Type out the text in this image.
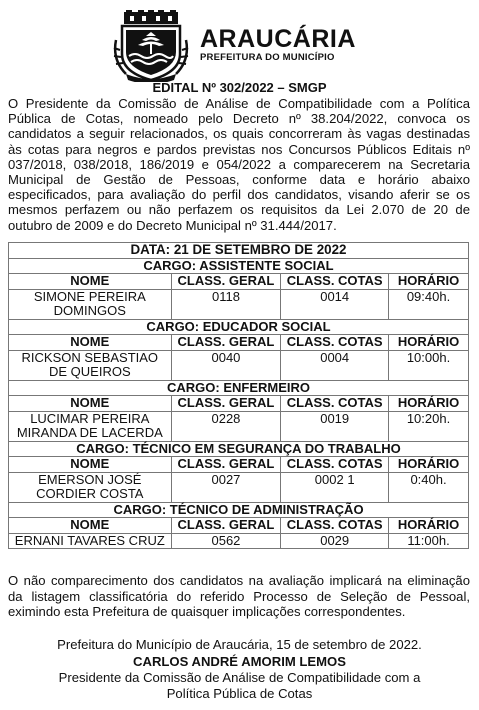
ARAUCÁRIA
PREFEITURA DO MUNICÍPIO
EDITAL Nº 302/2022 – SMGP
O Presidente da Comissão de Análise de Compatibilidade com a Política Pública de Cotas, nomeado pelo Decreto nº 38.204/2022, convoca os candidatos a seguir relacionados, os quais concorreram às vagas destinadas às cotas para negros e pardos previstas nos Concursos Públicos Editais nº 037/2018, 038/2018, 186/2019 e 054/2022 a comparecerem na Secretaria Municipal de Gestão de Pessoas, conforme data e horário abaixo especificados, para avaliação do perfil dos candidatos, visando aferir se os mesmos perfazem ou não perfazem os requisitos da Lei 2.070 de 20 de outubro de 2009 e do Decreto Municipal nº 31.444/2017.
DATA: 21 DE SETEMBRO DE 2022			
CARGO: ASSISTENTE SOCIAL			
NOME	CLASS. GERAL	CLASS. COTAS	HORÁRIO
SIMONE PEREIRA DOMINGOS	0118	0014	09:40h.
CARGO: EDUCADOR SOCIAL			
NOME	CLASS. GERAL	CLASS. COTAS	HORÁRIO
RICKSON SEBASTIAO DE QUEIROS	0040	0004	10:00h.
CARGO: ENFERMEIRO			
NOME	CLASS. GERAL	CLASS. COTAS	HORÁRIO
LUCIMAR PEREIRA MIRANDA DE LACERDA	0228	0019	10:20h.
CARGO: TÉCNICO EM SEGURANÇA DO TRABALHO			
NOME	CLASS. GERAL	CLASS. COTAS	HORÁRIO
EMERSON JOSÉ CORDIER COSTA	0027	0002 1	0:40h.
CARGO: TÉCNICO DE ADMINISTRAÇÃO			
NOME	CLASS. GERAL	CLASS. COTAS	HORÁRIO
ERNANI TAVARES CRUZ	0562	0029	11:00h.
O não comparecimento dos candidatos na avaliação implicará na eliminação da listagem classificatória do referido Processo de Seleção de Pessoal, eximindo esta Prefeitura de quaisquer implicações correspondentes.
Prefeitura do Município de Araucária, 15 de setembro de 2022.
CARLOS ANDRÉ AMORIM LEMOS
Presidente da Comissão de Análise de Compatibilidade com a Política Pública de Cotas
